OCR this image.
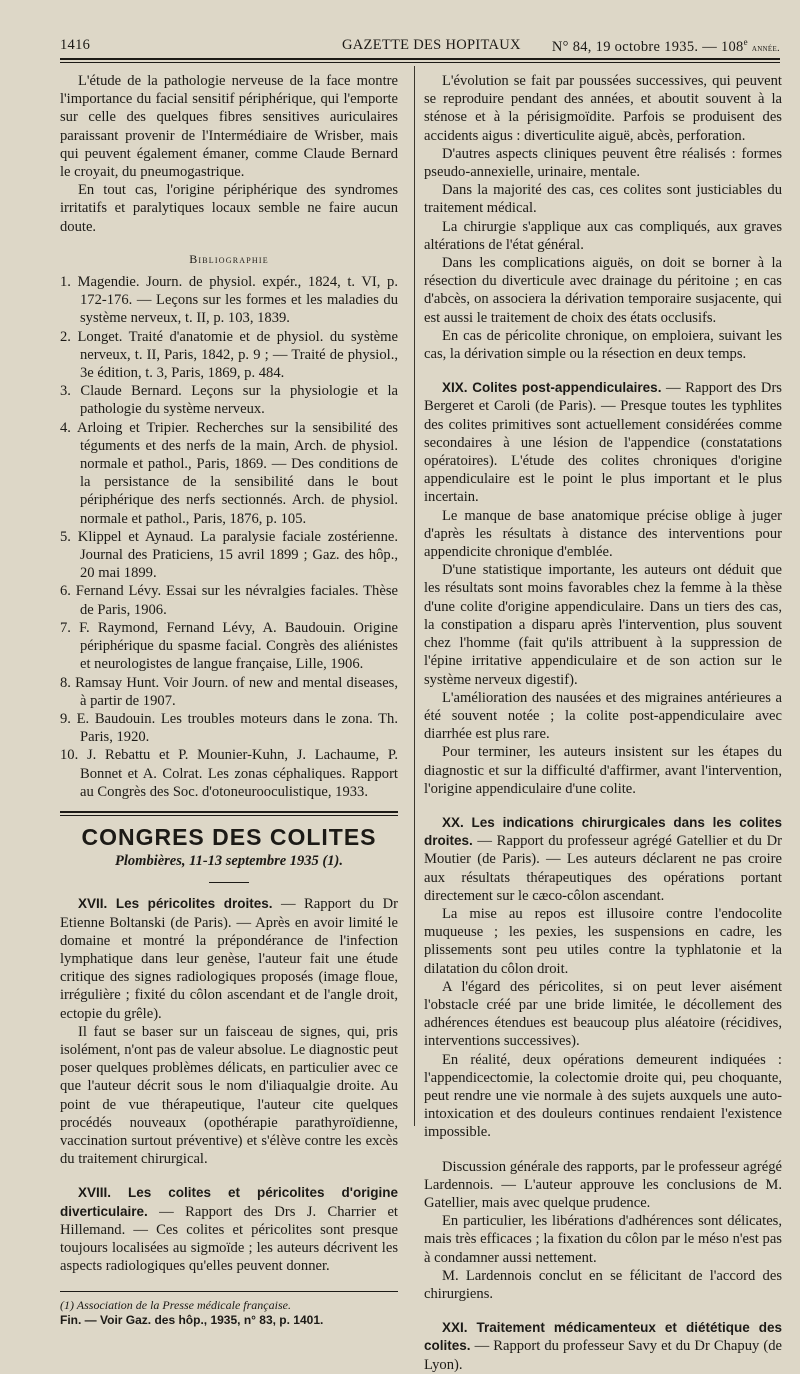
1416	GAZETTE DES HOPITAUX N° 84, 19 octobre 1935. — 108e année.

L'étude de la pathologie nerveuse de la face montre l'importance du facial sensitif périphérique, qui l'emporte sur celle des quelques fibres sensitives auriculaires paraissant provenir de l'Intermédiaire de Wrisber, mais qui peuvent également émaner, comme Claude Bernard le croyait, du pneumogastrique.

En tout cas, l'origine périphérique des syndromes irritatifs et paralytiques locaux semble ne faire aucun doute.

Bibliographie

1. Magendie. Journ. de physiol. expér., 1824, t. VI, p. 172-176. — Leçons sur les formes et les maladies du système nerveux, t. II, p. 103, 1839.

2. Longet. Traité d'anatomie et de physiol. du système nerveux, t. II, Paris, 1842, p. 9 ; — Traité de physiol., 3e édition, t. 3, Paris, 1869, p. 484.

3. Claude Bernard. Leçons sur la physiologie et la pathologie du système nerveux.

4. Arloing et Tripier. Recherches sur la sensibilité des téguments et des nerfs de la main, Arch. de physiol. normale et pathol., Paris, 1869. — Des conditions de la persistance de la sensibilité dans le bout périphérique des nerfs sectionnés. Arch. de physiol. normale et pathol., Paris, 1876, p. 105.

5. Klippel et Aynaud. La paralysie faciale zostérienne. Journal des Praticiens, 15 avril 1899 ; Gaz. des hôp., 20 mai 1899.

6. Fernand Lévy. Essai sur les névralgies faciales. Thèse de Paris, 1906.

7. F. Raymond, Fernand Lévy, A. Baudouin. Origine périphérique du spasme facial. Congrès des aliénistes et neurologistes de langue française, Lille, 1906.

8. Ramsay Hunt. Voir Journ. of new and mental diseases, à partir de 1907.

9. E. Baudouin. Les troubles moteurs dans le zona. Th. Paris, 1920.

10. J. Rebattu et P. Mounier-Kuhn, J. Lachaume, P. Bonnet et A. Colrat. Les zonas céphaliques. Rapport au Congrès des Soc. d'otoneurooculistique, 1933.

CONGRES DES COLITES
Plombières, 11-13 septembre 1935 (1).

XVII. Les péricolites droites. — Rapport du Dr Etienne Boltanski (de Paris). — Après en avoir limité le domaine et montré la prépondérance de l'infection lymphatique dans leur genèse, l'auteur fait une étude critique des signes radiologiques proposés (image floue, irrégulière ; fixité du côlon ascendant et de l'angle droit, ectopie du grêle).

Il faut se baser sur un faisceau de signes, qui, pris isolément, n'ont pas de valeur absolue. Le diagnostic peut poser quelques problèmes délicats, en particulier avec ce que l'auteur décrit sous le nom d'iliaqualgie droite. Au point de vue thérapeutique, l'auteur cite quelques procédés nouveaux (opothérapie parathyroïdienne, vaccination surtout préventive) et s'élève contre les excès du traitement chirurgical.

XVIII. Les colites et péricolites d'origine diverticulaire. — Rapport des Drs J. Charrier et Hillemand. — Ces colites et péricolites sont presque toujours localisées au sigmoïde ; les auteurs décrivent les aspects radiologiques qu'elles peuvent donner.

(1) Association de la Presse médicale française.

Fin. — Voir Gaz. des hôp., 1935, n° 83, p. 1401.

L'évolution se fait par poussées successives, qui peuvent se reproduire pendant des années, et aboutit souvent à la sténose et à la périsigmoïdite. Parfois se produisent des accidents aigus : diverticulite aiguë, abcès, perforation.

D'autres aspects cliniques peuvent être réalisés : formes pseudo-annexielle, urinaire, mentale.

Dans la majorité des cas, ces colites sont justiciables du traitement médical.

La chirurgie s'applique aux cas compliqués, aux graves altérations de l'état général.

Dans les complications aiguës, on doit se borner à la résection du diverticule avec drainage du péritoine ; en cas d'abcès, on associera la dérivation temporaire susjacente, qui est aussi le traitement de choix des états occlusifs.

En cas de péricolite chronique, on emploiera, suivant les cas, la dérivation simple ou la résection en deux temps.

XIX. Colites post-appendiculaires. — Rapport des Drs Bergeret et Caroli (de Paris). — Presque toutes les typhlites des colites primitives sont actuellement considérées comme secondaires à une lésion de l'appendice (constatations opératoires). L'étude des colites chroniques d'origine appendiculaire est le point le plus important et le plus incertain.

Le manque de base anatomique précise oblige à juger d'après les résultats à distance des interventions pour appendicite chronique d'emblée.

D'une statistique importante, les auteurs ont déduit que les résultats sont moins favorables chez la femme à la thèse d'une colite d'origine appendiculaire. Dans un tiers des cas, la constipation a disparu après l'intervention, plus souvent chez l'homme (fait qu'ils attribuent à la suppression de l'épine irritative appendiculaire et de son action sur le système nerveux digestif).

L'amélioration des nausées et des migraines antérieures a été souvent notée ; la colite post-appendiculaire avec diarrhée est plus rare.

Pour terminer, les auteurs insistent sur les étapes du diagnostic et sur la difficulté d'affirmer, avant l'intervention, l'origine appendiculaire d'une colite.

XX. Les indications chirurgicales dans les colites droites. — Rapport du professeur agrégé Gatellier et du Dr Moutier (de Paris). — Les auteurs déclarent ne pas croire aux résultats thérapeutiques des opérations portant directement sur le cæco-côlon ascendant.

La mise au repos est illusoire contre l'endocolite muqueuse ; les pexies, les suspensions en cadre, les plissements sont peu utiles contre la typhlatonie et la dilatation du côlon droit.

A l'égard des péricolites, si on peut lever aisément l'obstacle créé par une bride limitée, le décollement des adhérences étendues est beaucoup plus aléatoire (récidives, interventions successives).

En réalité, deux opérations demeurent indiquées : l'appendicectomie, la colectomie droite qui, peu choquante, peut rendre une vie normale à des sujets auxquels une auto-intoxication et des douleurs continues rendaient l'existence impossible.

Discussion générale des rapports, par le professeur agrégé Lardennois. — L'auteur approuve les conclusions de M. Gatellier, mais avec quelque prudence.

En particulier, les libérations d'adhérences sont délicates, mais très efficaces ; la fixation du côlon par le méso n'est pas à condamner aussi nettement.

M. Lardennois conclut en se félicitant de l'accord des chirurgiens.

XXI. Traitement médicamenteux et diététique des colites. — Rapport du professeur Savy et du Dr Chapuy (de Lyon).
